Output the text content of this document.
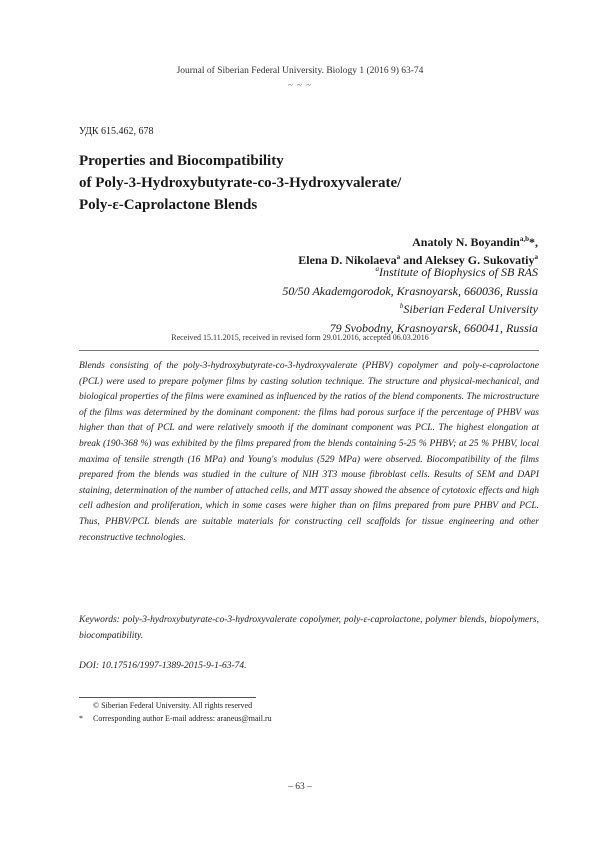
Journal of Siberian Federal University. Biology 1 (2016 9) 63-74
~ ~ ~
УДК 615.462, 678
Properties and Biocompatibility
of Poly-3-Hydroxybutyrate-co-3-Hydroxyvalerate/
Poly-ε-Caprolactone Blends
Anatoly N. Boyandin$^{a,b}$*,
Elena D. Nikolaeva$^a$ and Aleksey G. Sukovatiy$^a$
$^a$Institute of Biophysics of SB RAS
50/50 Akademgorodok, Krasnoyarsk, 660036, Russia
$^b$Siberian Federal University
79 Svobodny, Krasnoyarsk, 660041, Russia
Received 15.11.2015, received in revised form 29.01.2016, accepted 06.03.2016
Blends consisting of the poly-3-hydroxybutyrate-co-3-hydroxyvalerate (PHBV) copolymer and poly-ε-caprolactone (PCL) were used to prepare polymer films by casting solution technique. The structure and physical-mechanical, and biological properties of the films were examined as influenced by the ratios of the blend components. The microstructure of the films was determined by the dominant component: the films had porous surface if the percentage of PHBV was higher than that of PCL and were relatively smooth if the dominant component was PCL. The highest elongation at break (190-368 %) was exhibited by the films prepared from the blends containing 5-25 % PHBV; at 25 % PHBV, local maxima of tensile strength (16 MPa) and Young's modulus (529 MPa) were observed. Biocompatibility of the films prepared from the blends was studied in the culture of NIH 3T3 mouse fibroblast cells. Results of SEM and DAPI staining, determination of the number of attached cells, and MTT assay showed the absence of cytotoxic effects and high cell adhesion and proliferation, which in some cases were higher than on films prepared from pure PHBV and PCL. Thus, PHBV/PCL blends are suitable materials for constructing cell scaffolds for tissue engineering and other reconstructive technologies.
Keywords: poly-3-hydroxybutyrate-co-3-hydroxyvalerate copolymer, poly-ε-caprolactone, polymer blends, biopolymers, biocompatibility.
DOI: 10.17516/1997-1389-2015-9-1-63-74.
© Siberian Federal University. All rights reserved
* Corresponding author E-mail address: araneus@mail.ru
– 63 –
